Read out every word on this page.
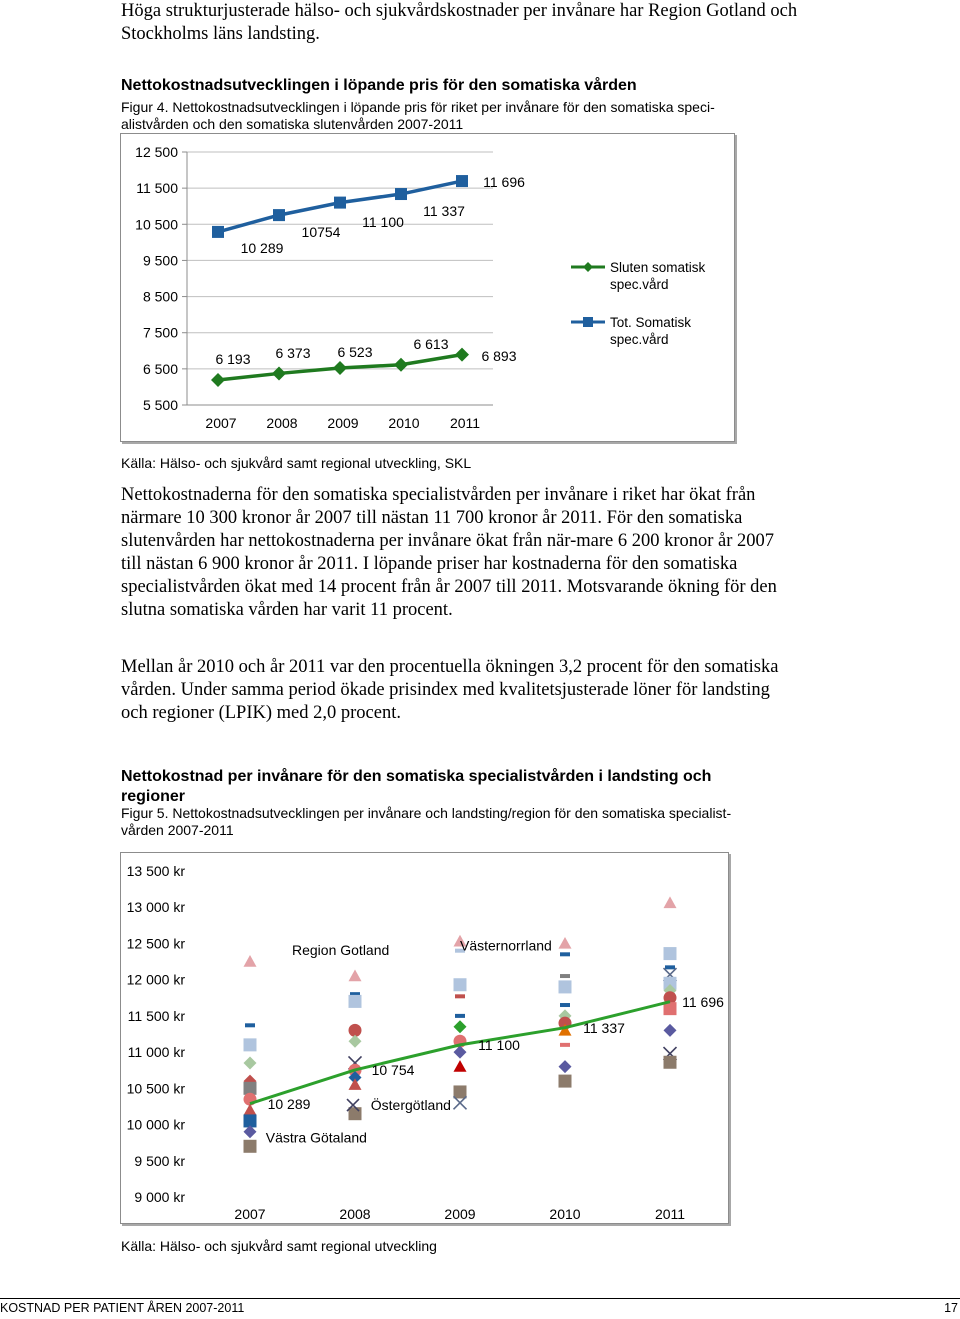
Höga strukturjusterade hälso- och sjukvårdskostnader per invånare har Region Gotland och Stockholms läns landsting.
Nettokostnadsutvecklingen i löpande pris för den somatiska vården
Figur 4. Nettokostnadsutvecklingen i löpande pris för riket per invånare för den somatiska speci-
alistvården och den somatiska slutenvården 2007-2011
5 500
6 500
7 500
8 500
9 500
10 500
11 500
12 500
2007 2008 2009 2010 2011
6 193 6 373 6 523	6 613
6 893
10 289
10754
11 100
11 337
11 696
Sluten somatisk
spec.vård
Tot. Somatisk
spec.vård
Källa: Hälso- och sjukvård samt regional utveckling, SKL
Nettokostnaderna för den somatiska specialistvården per invånare i riket har ökat från närmare 10 300 kronor år 2007 till nästan 11 700 kronor år 2011. För den somatiska slutenvården har nettokostnaderna per invånare ökat från när-mare 6 200 kronor år 2007 till nästan 6 900 kronor år 2011. I löpande priser har kostnaderna för den somatiska specialistvården ökat med 14 procent från år 2007 till 2011. Motsvarande ökning för den slutna somatiska vården har varit 11 procent.
Mellan år 2010 och år 2011 var den procentuella ökningen 3,2 procent för den somatiska vården. Under samma period ökade prisindex med kvalitetsjusterade löner för landsting och regioner (LPIK) med 2,0 procent.
Nettokostnad per invånare för den somatiska specialistvården i landsting och
regioner
Figur 5. Nettokostnadsutvecklingen per invånare och landsting/region för den somatiska specialist-
vården 2007-2011
9 000 kr
9 500 kr
10 000 kr
10 500 kr
11 000 kr
11 500 kr
12 000 kr
12 500 kr
13 000 kr
13 500 kr
2007	2008	2009	2010	2011
10 289
10 754
11 100
11 337
11 696
Region Gotland	Västernorrland
Östergötland
Västra Götaland
Källa: Hälso- och sjukvård samt regional utveckling
KOSTNAD PER PATIENT ÅREN 2007-2011	17
